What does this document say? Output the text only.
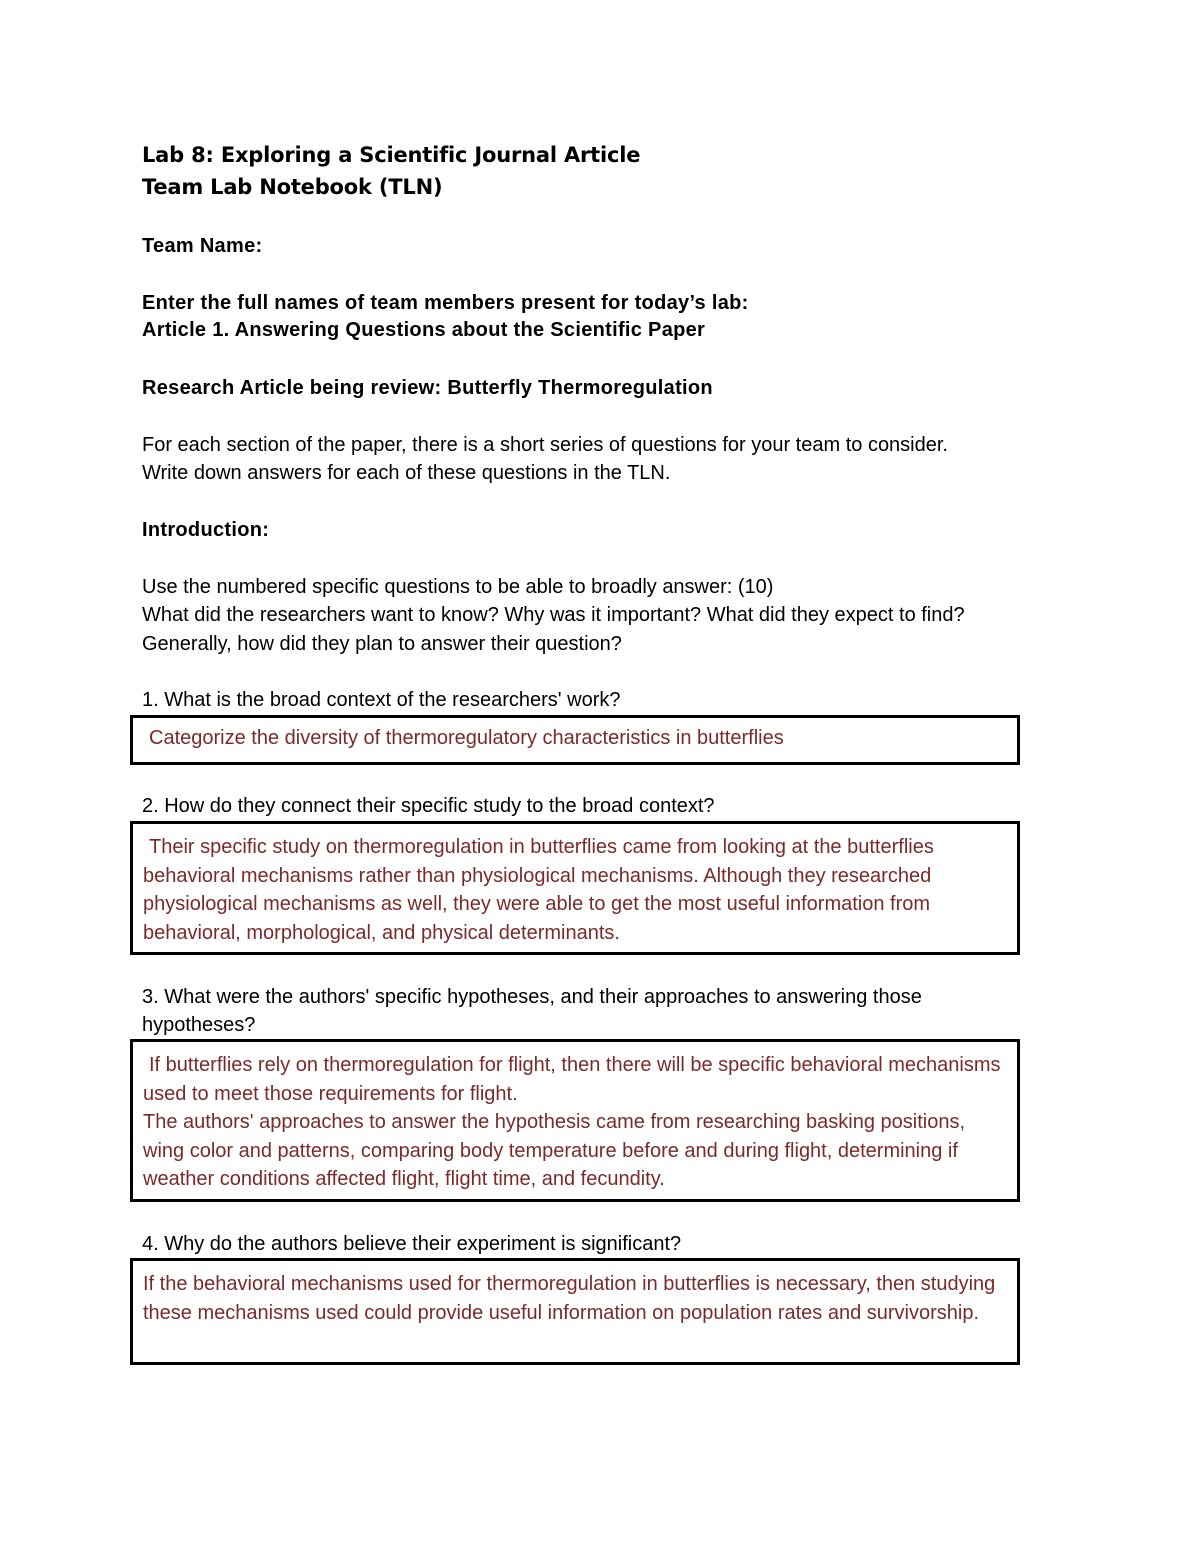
Lab 8: Exploring a Scientific Journal Article
Team Lab Notebook (TLN)
Team Name:
Enter the full names of team members present for today’s lab:
Article 1. Answering Questions about the Scientific Paper
Research Article being review: Butterfly Thermoregulation
For each section of the paper, there is a short series of questions for your team to consider.
Write down answers for each of these questions in the TLN.
Introduction:
Use the numbered specific questions to be able to broadly answer: (10)
What did the researchers want to know? Why was it important? What did they expect to find?
Generally, how did they plan to answer their question?
1. What is the broad context of the researchers' work?

Categorize the diversity of thermoregulatory characteristics in butterflies

2. How do they connect their specific study to the broad context?

Their specific study on thermoregulation in butterflies came from looking at the butterflies behavioral mechanisms rather than physiological mechanisms. Although they researched physiological mechanisms as well, they were able to get the most useful information from behavioral, morphological, and physical determinants.

3. What were the authors' specific hypotheses, and their approaches to answering those
hypotheses?

If butterflies rely on thermoregulation for flight, then there will be specific behavioral mechanisms used to meet those requirements for flight.

The authors' approaches to answer the hypothesis came from researching basking positions, wing color and patterns, comparing body temperature before and during flight, determining if weather conditions affected flight, flight time, and fecundity.

4. Why do the authors believe their experiment is significant?

If the behavioral mechanisms used for thermoregulation in butterflies is necessary, then studying these mechanisms used could provide useful information on population rates and survivorship.
